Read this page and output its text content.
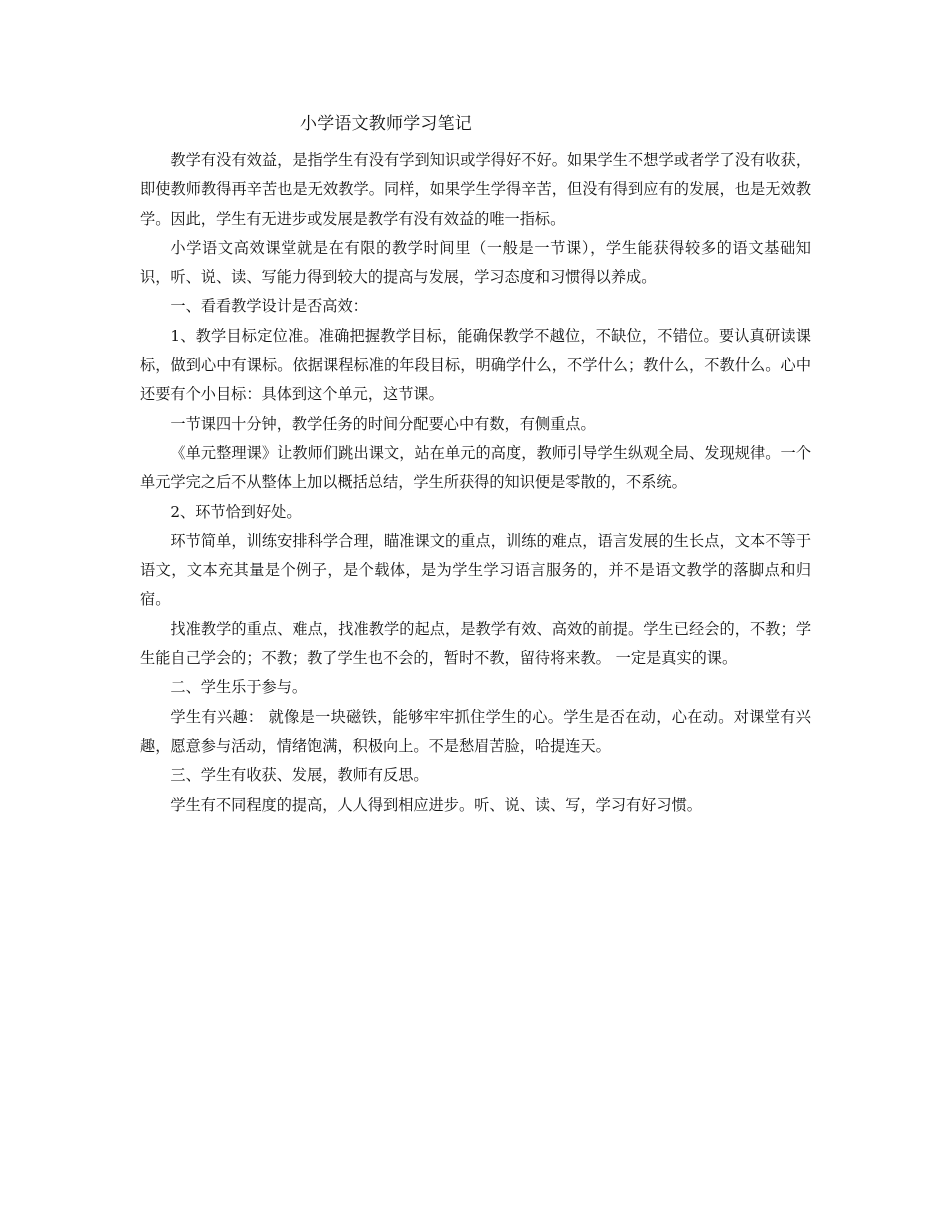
小学语文教师学习笔记

教学有没有效益，是指学生有没有学到知识或学得好不好。如果学生不想学或者学了没有收获，即使教师教得再辛苦也是无效教学。同样，如果学生学得辛苦，但没有得到应有的发展，也是无效教学。因此，学生有无进步或发展是教学有没有效益的唯一指标。

小学语文高效课堂就是在有限的教学时间里（一般是一节课），学生能获得较多的语文基础知识，听、说、读、写能力得到较大的提高与发展，学习态度和习惯得以养成。

一、看看教学设计是否高效：

1、教学目标定位准。准确把握教学目标，能确保教学不越位，不缺位，不错位。要认真研读课标，做到心中有课标。依据课程标准的年段目标，明确学什么，不学什么；教什么，不教什么。心中还要有个小目标：具体到这个单元，这节课。

一节课四十分钟，教学任务的时间分配要心中有数，有侧重点。

《单元整理课》让教师们跳出课文，站在单元的高度，教师引导学生纵观全局、发现规律。一个单元学完之后不从整体上加以概括总结，学生所获得的知识便是零散的，不系统。

2、环节恰到好处。

环节简单，训练安排科学合理，瞄准课文的重点，训练的难点，语言发展的生长点，文本不等于语文，文本充其量是个例子，是个载体，是为学生学习语言服务的，并不是语文教学的落脚点和归宿。

找准教学的重点、难点，找准教学的起点，是教学有效、高效的前提。学生已经会的，不教；学生能自己学会的；不教；教了学生也不会的，暂时不教，留待将来教。 一定是真实的课。

二、学生乐于参与。

学生有兴趣： 就像是一块磁铁，能够牢牢抓住学生的心。学生是否在动，心在动。对课堂有兴趣，愿意参与活动，情绪饱满，积极向上。不是愁眉苦脸，哈提连天。

三、学生有收获、发展，教师有反思。

学生有不同程度的提高，人人得到相应进步。听、说、读、写，学习有好习惯。
